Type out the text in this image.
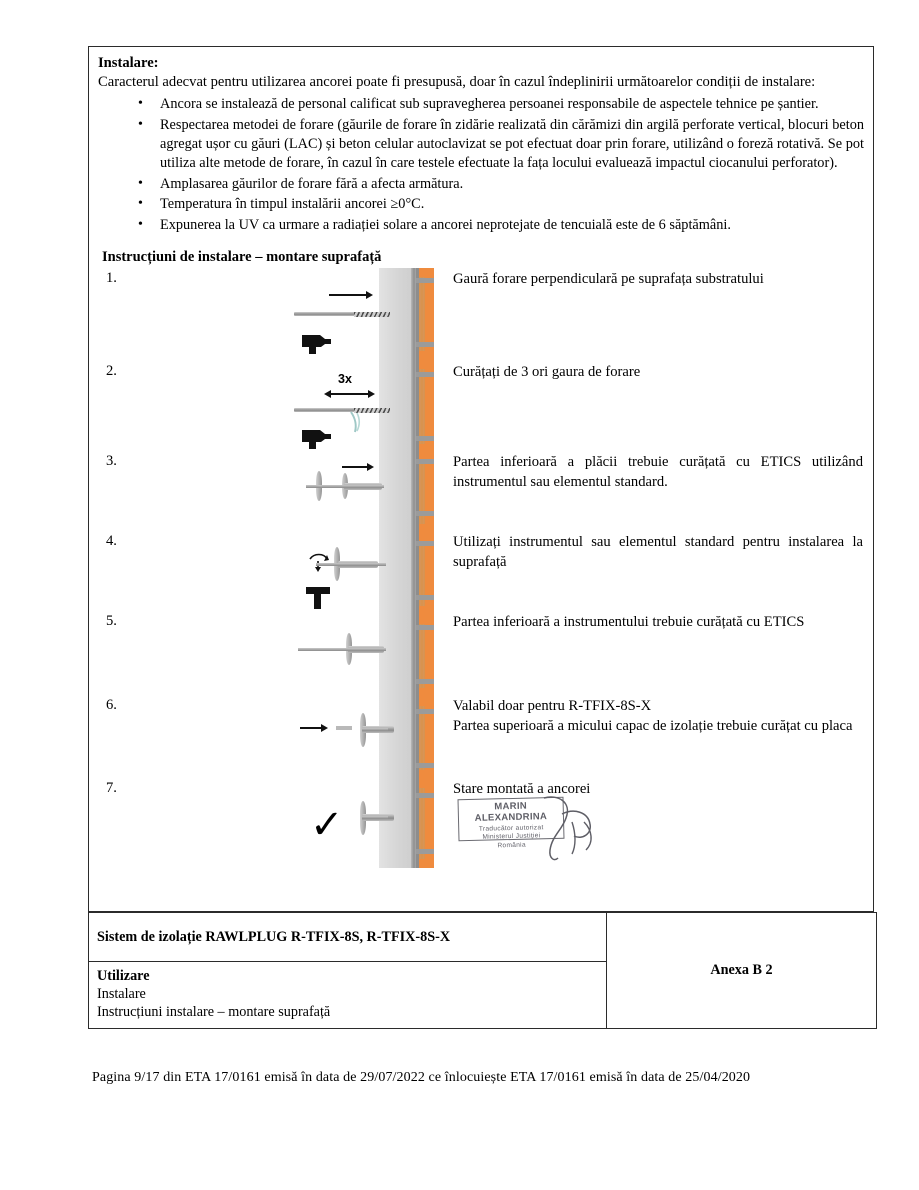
Instalare:

Caracterul adecvat pentru utilizarea ancorei poate fi presupusă, doar în cazul îndeplinirii următoarelor condiții de instalare:

• Ancora se instalează de personal calificat sub supravegherea persoanei responsabile de aspectele tehnice pe șantier.
• Respectarea metodei de forare (găurile de forare în zidărie realizată din cărămizi din argilă perforate vertical, blocuri beton agregat ușor cu găuri (LAC) și beton celular autoclavizat se pot efectuat doar prin forare, utilizând o foreză rotativă. Se pot utiliza alte metode de forare, în cazul în care testele efectuate la fața locului evaluează impactul ciocanului perforator).
• Amplasarea găurilor de forare fără a afecta armătura.
• Temperatura în timpul instalării ancorei ≥0°C.
• Expunerea la UV ca urmare a radiației solare a ancorei neprotejate de tencuială este de 6 săptămâni.
Instrucțiuni de instalare – montare suprafață
3x
✓
1.	Gaură forare perpendiculară pe suprafața substratului
2.	Curățați de 3 ori gaura de forare
3.	Partea inferioară a plăcii trebuie curățată cu ETICS utilizând instrumentul sau elementul standard.
4.	Utilizați instrumentul sau elementul standard pentru instalarea la suprafață
5.	Partea inferioară a instrumentului trebuie curățată cu ETICS
6.	Valabil doar pentru R-TFIX-8S-X
Partea superioară a micului capac de izolație trebuie curățat cu placa
7.	Stare montată a ancorei
MARIN ALEXANDRINA
Traducător autorizat
Ministerul Justiției
România
Sistem de izolație RAWLPLUG R-TFIX-8S, R-TFIX-8S-X

Anexa B 2

Utilizare
Instalare
Instrucțiuni instalare – montare suprafață
Pagina 9/17 din ETA 17/0161 emisă în data de 29/07/2022 ce înlocuiește ETA 17/0161 emisă în data de 25/04/2020
